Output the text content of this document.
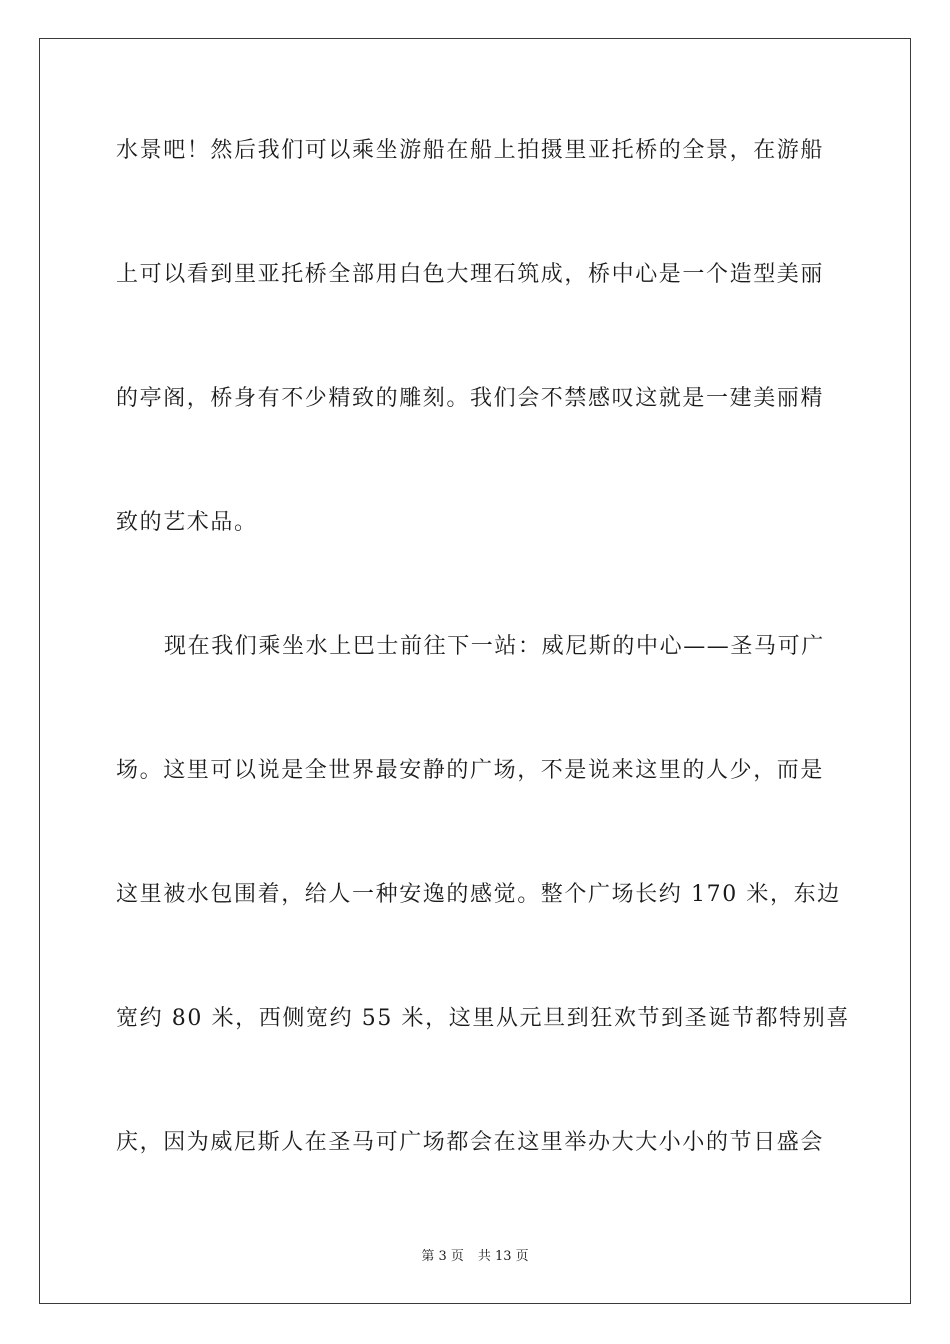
水景吧！然后我们可以乘坐游船在船上拍摄里亚托桥的全景，在游船
上可以看到里亚托桥全部用白色大理石筑成，桥中心是一个造型美丽
的亭阁，桥身有不少精致的雕刻。我们会不禁感叹这就是一建美丽精
致的艺术品。
现在我们乘坐水上巴士前往下一站：威尼斯的中心——圣马可广
场。这里可以说是全世界最安静的广场，不是说来这里的人少，而是
这里被水包围着，给人一种安逸的感觉。整个广场长约 170 米，东边
宽约 80 米，西侧宽约 55 米，这里从元旦到狂欢节到圣诞节都特别喜
庆，因为威尼斯人在圣马可广场都会在这里举办大大小小的节日盛会
第 3 页 共 13 页
